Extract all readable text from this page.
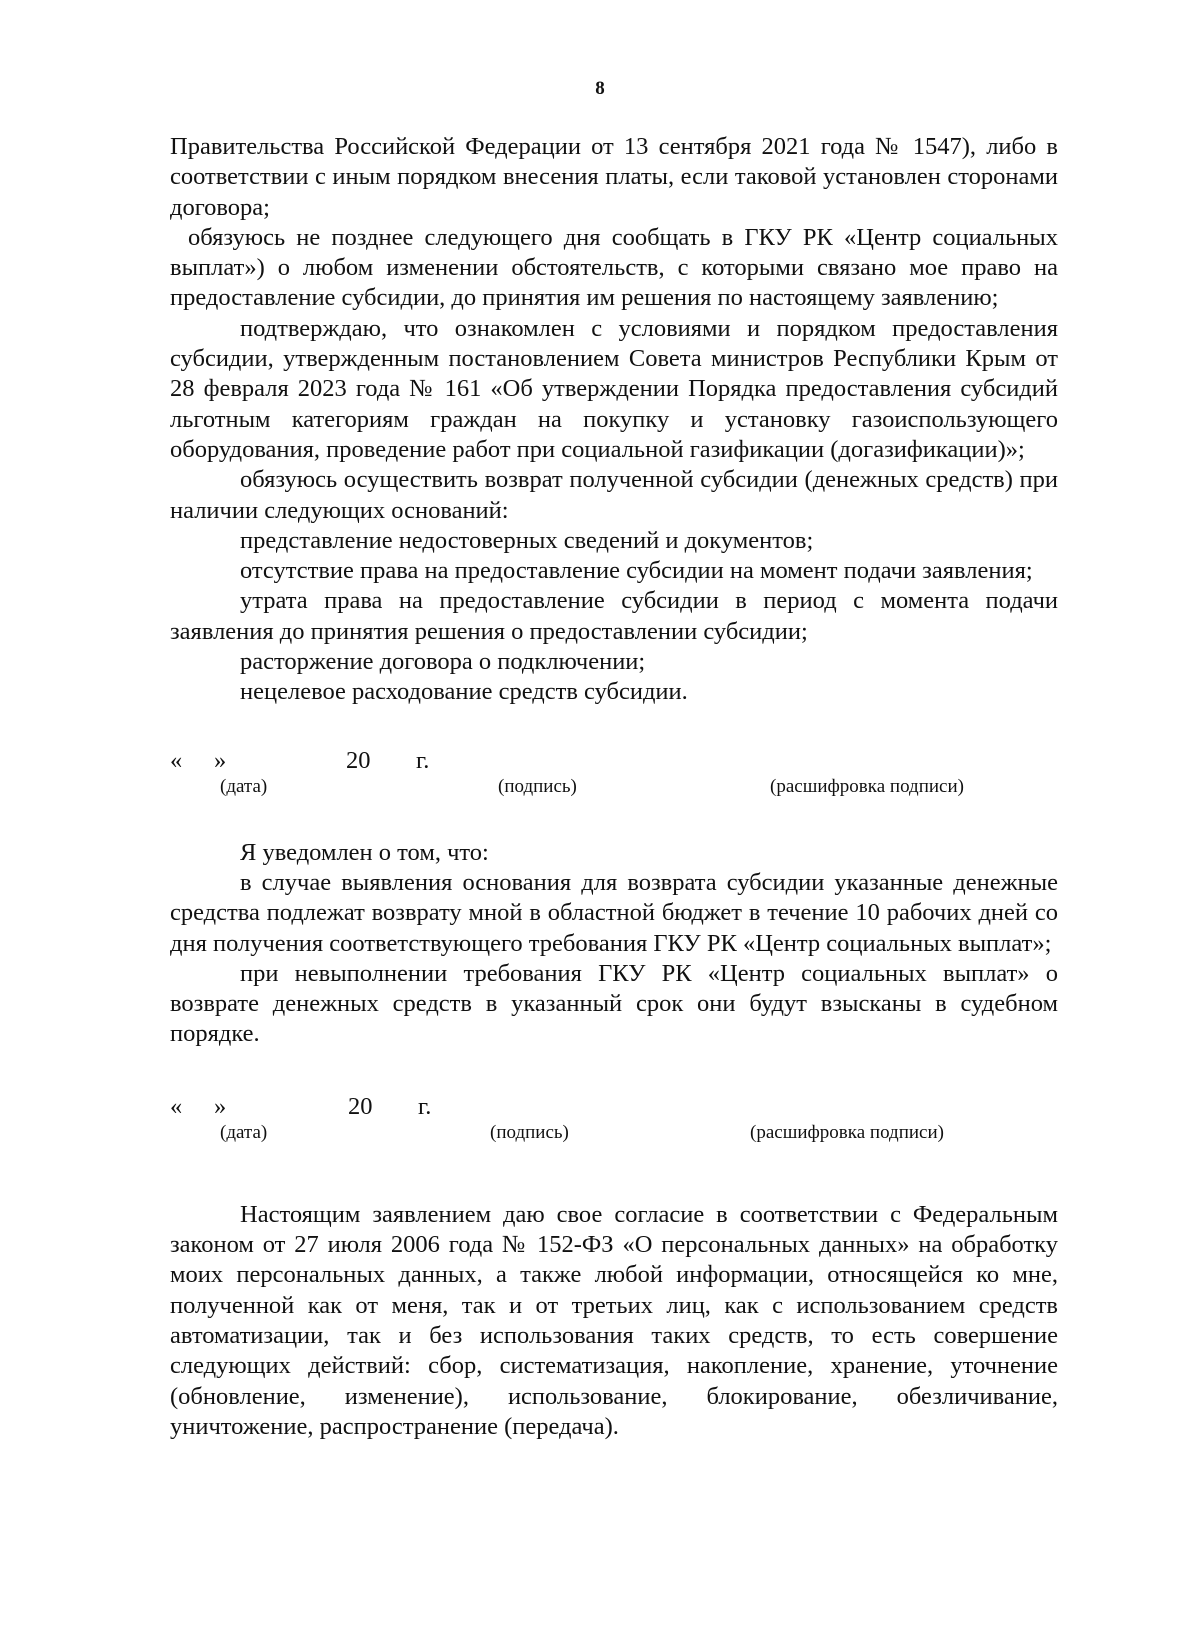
8

Правительства Российской Федерации от 13 сентября 2021 года № 1547), либо в соответствии с иным порядком внесения платы, если таковой установлен сторонами договора;

обязуюсь не позднее следующего дня сообщать в ГКУ РК «Центр социальных выплат») о любом изменении обстоятельств, с которыми связано мое право на предоставление субсидии, до принятия им решения по настоящему заявлению;

подтверждаю, что ознакомлен с условиями и порядком предоставления субсидии, утвержденным постановлением Совета министров Республики Крым от 28 февраля 2023 года № 161 «Об утверждении Порядка предоставления субсидий льготным категориям граждан на покупку и установку газоиспользующего оборудования, проведение работ при социальной газификации (догазификации)»;

обязуюсь осуществить возврат полученной субсидии (денежных средств) при наличии следующих оснований:

представление недостоверных сведений и документов;

отсутствие права на предоставление субсидии на момент подачи заявления;

утрата права на предоставление субсидии в период с момента подачи заявления до принятия решения о предоставлении субсидии;

расторжение договора о подключении;

нецелевое расходование средств субсидии.

« »	20 г.
(дата)	(подпись)	(расшифровка подписи)

Я уведомлен о том, что:

в случае выявления основания для возврата субсидии указанные денежные средства подлежат возврату мной в областной бюджет в течение 10 рабочих дней со дня получения соответствующего требования ГКУ РК «Центр социальных выплат»;

при невыполнении требования ГКУ РК «Центр социальных выплат» о возврате денежных средств в указанный срок они будут взысканы в судебном порядке.

« »	20 г.
(дата)	(подпись)	(расшифровка подписи)

Настоящим заявлением даю свое согласие в соответствии с Федеральным законом от 27 июля 2006 года № 152-ФЗ «О персональных данных» на обработку моих персональных данных, а также любой информации, относящейся ко мне, полученной как от меня, так и от третьих лиц, как с использованием средств автоматизации, так и без использования таких средств, то есть совершение следующих действий: сбор, систематизация, накопление, хранение, уточнение (обновление, изменение), использование, блокирование, обезличивание, уничтожение, распространение (передача).
